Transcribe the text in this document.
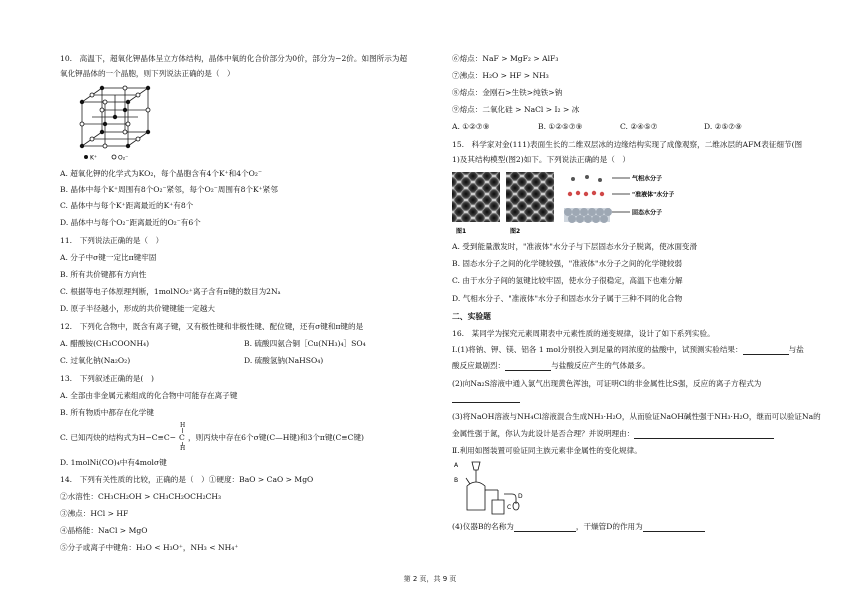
10.　高温下，超氧化钾晶体呈立方体结构，晶体中氧的化合价部分为0价，部分为−2价。如图所示为超
氧化钾晶体的一个晶胞，则下列说法正确的是（　）
K⁺	O₂⁻
A. 超氧化钾的化学式为KO₂，每个晶胞含有4个K⁺和4个O₂⁻
B. 晶体中每个K⁺周围有8个O₂⁻紧邻，每个O₂⁻周围有8个K⁺紧邻
C. 晶体中与每个K⁺距离最近的K⁺有8个
D. 晶体中与每个O₂⁻距离最近的O₂⁻有6个
11.　下列说法正确的是（　）
A. 分子中σ键一定比π键牢固
B. 所有共价键都有方向性
C. 根据等电子体原理判断，1molNO₂⁺离子含有π键的数目为2Nₐ
D. 原子半径越小，形成的共价键键能一定越大
12.　下列化合物中，既含有离子键，又有极性键和非极性键、配位键，还有σ键和π键的是
A. 醋酸铵(CH₃COONH₄)	B. 硫酸四氨合铜［Cu(NH₃)₄］SO₄
C. 过氧化钠(Na₂O₂)	D. 硫酸氢钠(NaHSO₄)
13.　下列叙述正确的是(　)
A. 全部由非金属元素组成的化合物中可能存在离子键
B. 所有物质中都存在化学键
C. 已知丙炔的结构式为H−C≡C−
H
C
H
，则丙炔中存在6个σ键(C—H键)和3个π键(C≡C键)
D. 1molNi(CO)₄中有4molσ键
14.　下列有关性质的比较，正确的是（　）①硬度：BaO > CaO > MgO
②水溶性：CH₃CH₂OH > CH₃CH₂OCH₂CH₃
③沸点：HCl > HF
④晶格能：NaCl > MgO
⑤分子或离子中键角：H₂O < H₃O⁺，NH₃ < NH₄⁺
⑥熔点：NaF > MgF₂ > AlF₃
⑦沸点：H₂O > HF > NH₃
⑧熔点：金刚石>生铁>纯铁>钠
⑨熔点：二氧化硅 > NaCl > I₂ > 冰
A. ①②⑦⑨	B. ①②⑤⑦⑨	C. ②④⑤⑦	D. ②⑤⑦⑨
15.　科学家对金(111)表面生长的二维双层冰的边缘结构实现了成像观察，二维冰层的AFM表征细节(图
1)及其结构模型(图2)如下。下列说法正确的是（　）
图1	图2
气相水分子
"准液体"水分子
固态水分子
A. 受到能量激发时，"准液体"水分子与下层固态水分子脱离，使冰面变滑
B. 固态水分子之间的化学键较强，"准液体"水分子之间的化学键较弱
C. 由于水分子间的氢键比较牢固，使水分子很稳定，高温下也难分解
D. 气相水分子、"准液体"水分子和固态水分子属于三种不同的化合物
二、实验题
16.　某同学为探究元素周期表中元素性质的递变规律，设计了如下系列实验。
Ⅰ.(1)将钠、钾、镁、铝各 1 mol分别投入到足量的同浓度的盐酸中，试预测实验结果：	与盐
酸反应最剧烈：	与盐酸反应产生的气体最多。
(2)向Na₂S溶液中通入氯气出现黄色浑浊，可证明Cl的非金属性比S强，反应的离子方程式为
(3)将NaOH溶液与NH₄Cl溶液混合生成NH₃·H₂O，从而验证NaOH碱性强于NH₃·H₂O，继而可以验证Na的
金属性强于氮，你认为此设计是否合理？并说明理由：
Ⅱ.利用如图装置可验证同主族元素非金属性的变化规律。
A
B
C
D
(4)仪器B的名称为	，干燥管D的作用为
第 2 页，共 9 页
